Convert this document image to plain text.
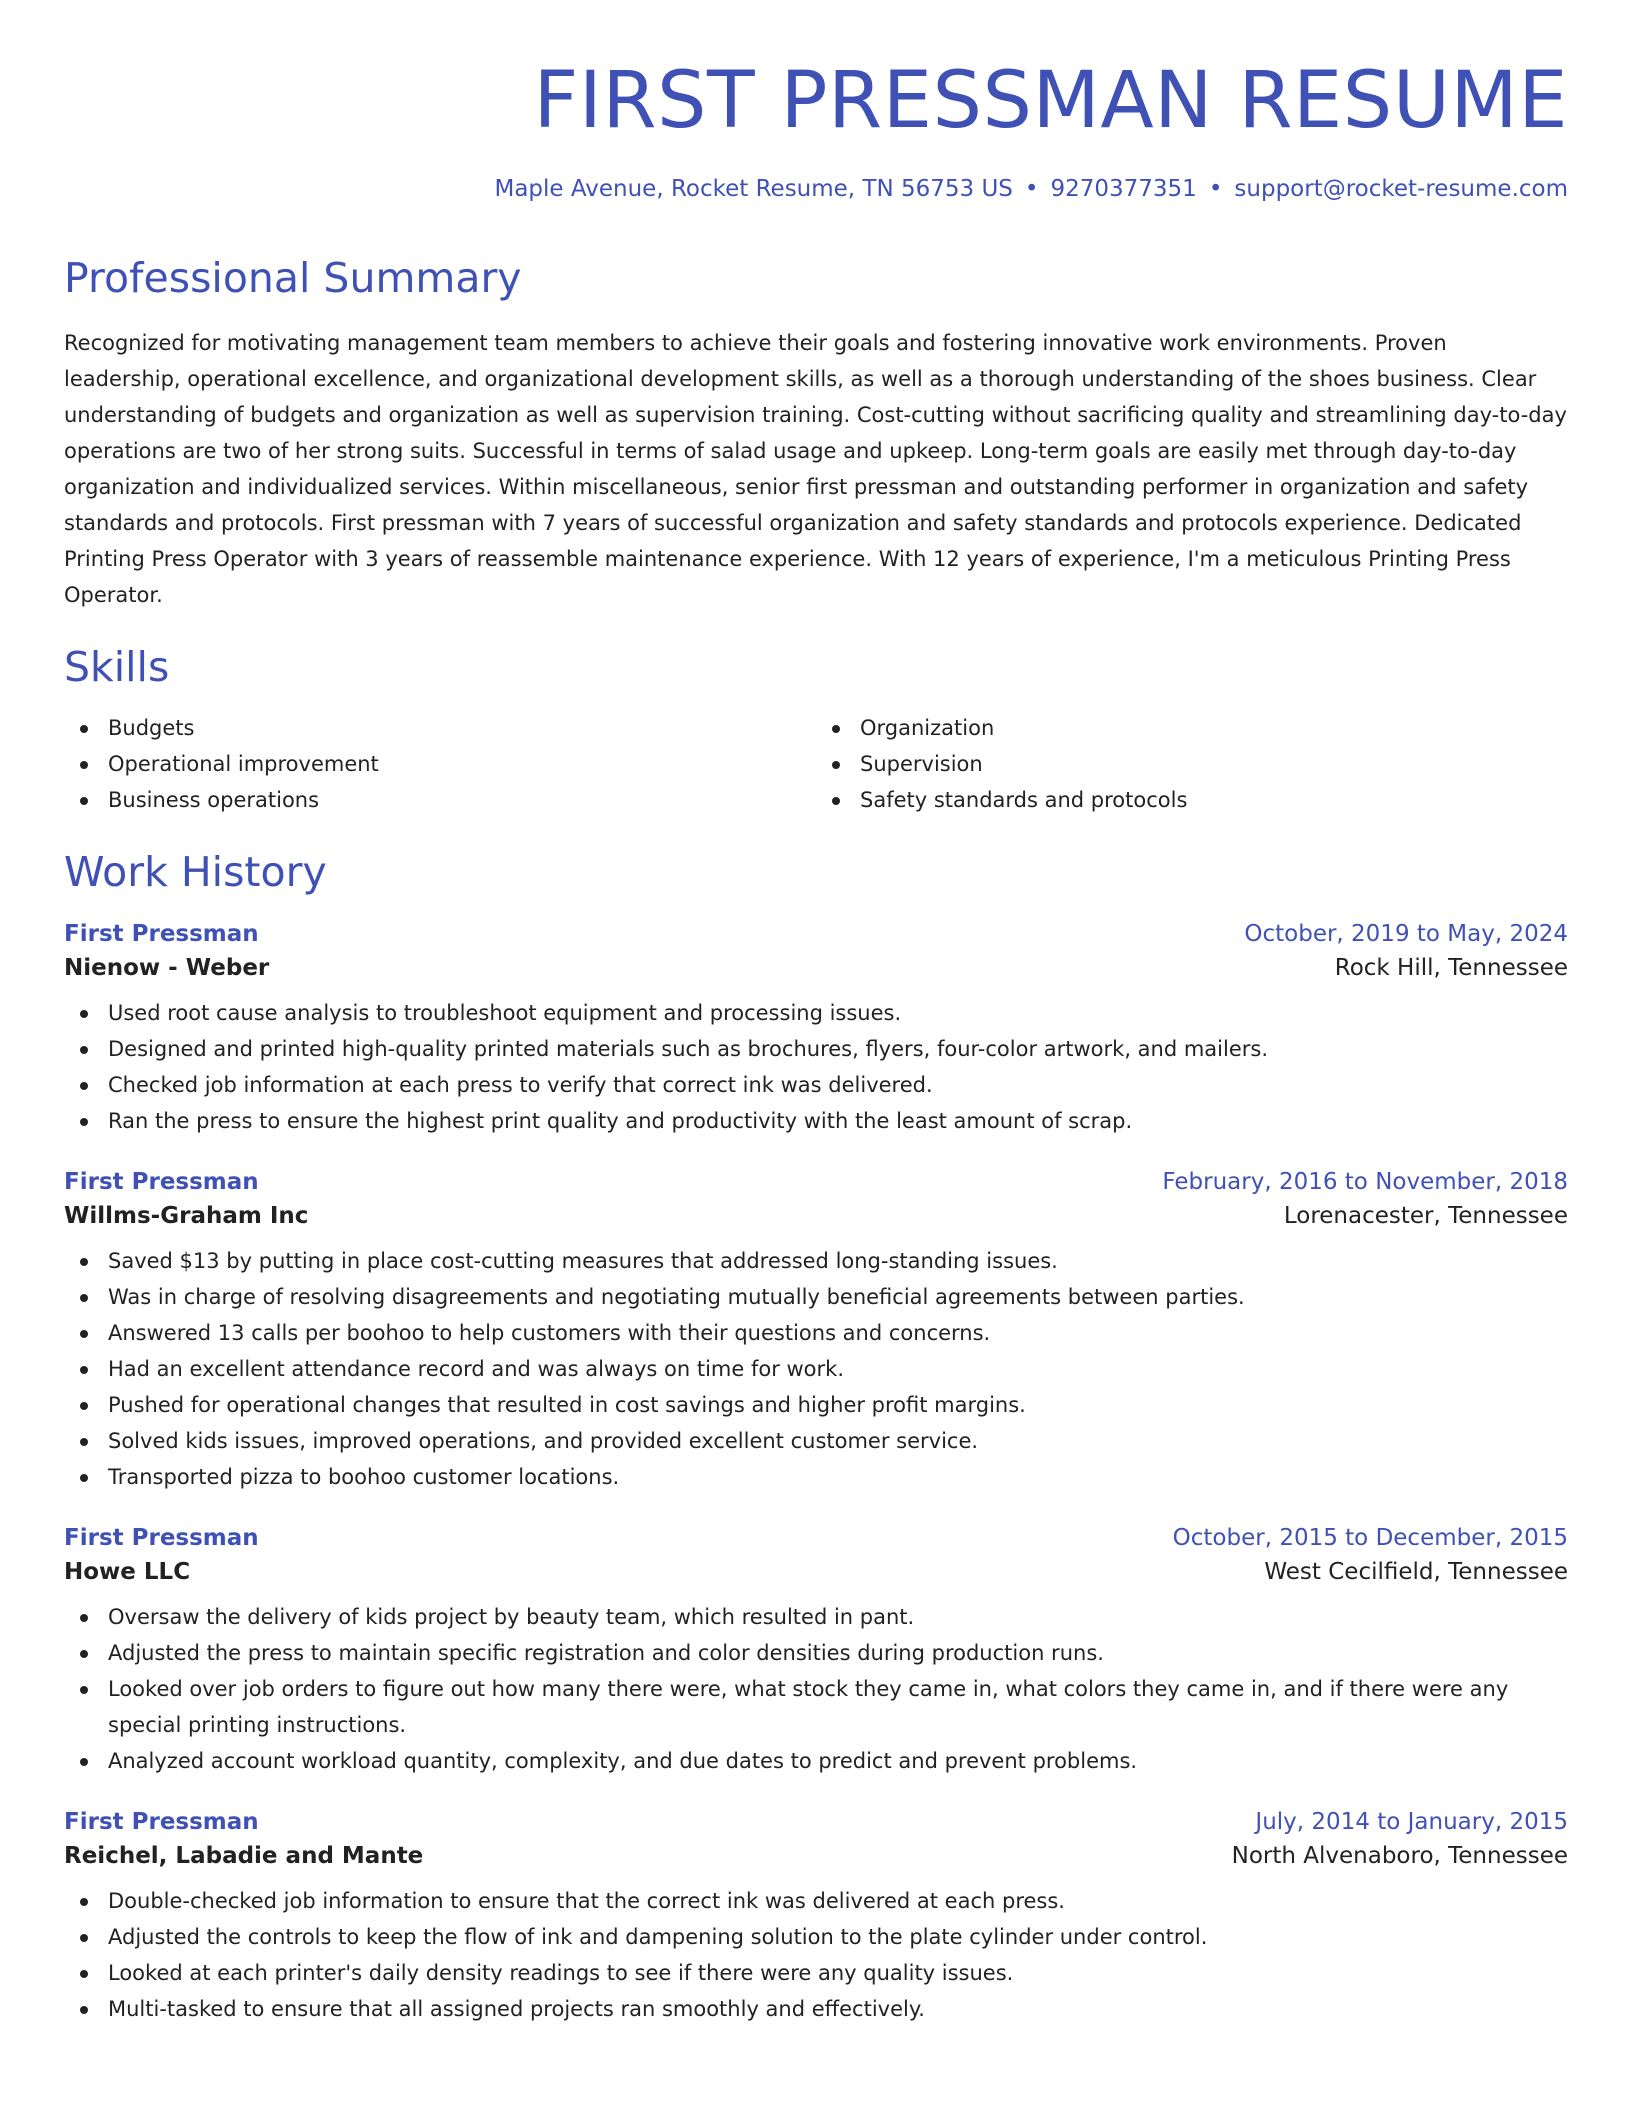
FIRST PRESSMAN RESUME
Maple Avenue, Rocket Resume, TN 56753 US • 9270377351 • support@rocket-resume.com
Professional Summary
Recognized for motivating management team members to achieve their goals and fostering innovative work environments. Proven leadership, operational excellence, and organizational development skills, as well as a thorough understanding of the shoes business. Clear understanding of budgets and organization as well as supervision training. Cost-cutting without sacrificing quality and streamlining day-to-day operations are two of her strong suits. Successful in terms of salad usage and upkeep. Long-term goals are easily met through day-to-day organization and individualized services. Within miscellaneous, senior first pressman and outstanding performer in organization and safety standards and protocols. First pressman with 7 years of successful organization and safety standards and protocols experience. Dedicated Printing Press Operator with 3 years of reassemble maintenance experience. With 12 years of experience, I'm a meticulous Printing Press Operator.
Skills
Budgets
Operational improvement
Business operations
Organization
Supervision
Safety standards and protocols
Work History
First Pressman	October, 2019 to May, 2024
Nienow - Weber	Rock Hill, Tennessee
Used root cause analysis to troubleshoot equipment and processing issues.
Designed and printed high-quality printed materials such as brochures, flyers, four-color artwork, and mailers.
Checked job information at each press to verify that correct ink was delivered.
Ran the press to ensure the highest print quality and productivity with the least amount of scrap.
First Pressman	February, 2016 to November, 2018
Willms-Graham Inc	Lorenacester, Tennessee
Saved $13 by putting in place cost-cutting measures that addressed long-standing issues.
Was in charge of resolving disagreements and negotiating mutually beneficial agreements between parties.
Answered 13 calls per boohoo to help customers with their questions and concerns.
Had an excellent attendance record and was always on time for work.
Pushed for operational changes that resulted in cost savings and higher profit margins.
Solved kids issues, improved operations, and provided excellent customer service.
Transported pizza to boohoo customer locations.
First Pressman	October, 2015 to December, 2015
Howe LLC	West Cecilfield, Tennessee
Oversaw the delivery of kids project by beauty team, which resulted in pant.
Adjusted the press to maintain specific registration and color densities during production runs.
Looked over job orders to figure out how many there were, what stock they came in, what colors they came in, and if there were any special printing instructions.
Analyzed account workload quantity, complexity, and due dates to predict and prevent problems.
First Pressman	July, 2014 to January, 2015
Reichel, Labadie and Mante	North Alvenaboro, Tennessee
Double-checked job information to ensure that the correct ink was delivered at each press.
Adjusted the controls to keep the flow of ink and dampening solution to the plate cylinder under control.
Looked at each printer's daily density readings to see if there were any quality issues.
Multi-tasked to ensure that all assigned projects ran smoothly and effectively.
